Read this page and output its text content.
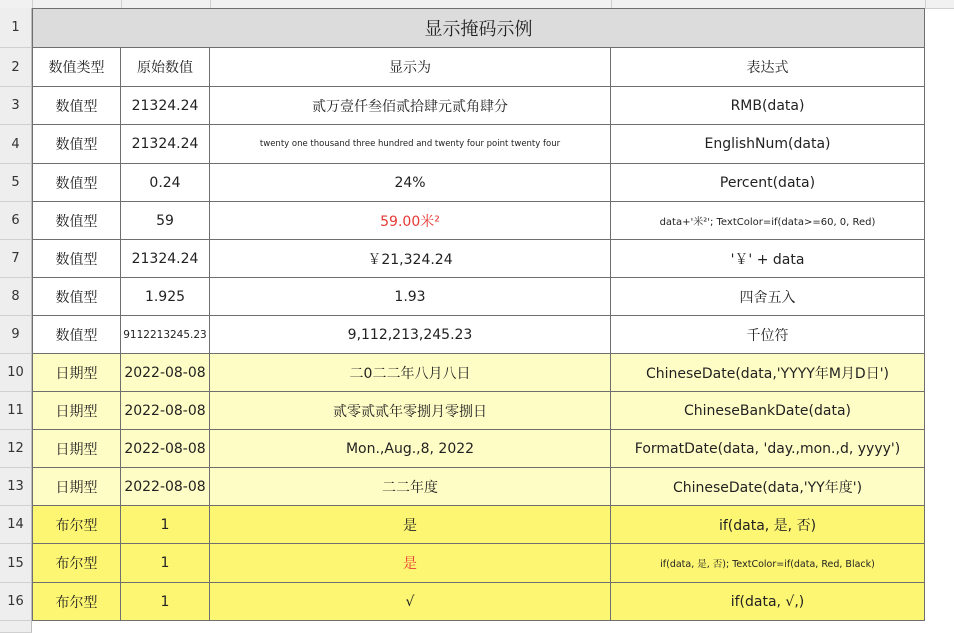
1
2
3
4
5
6
7
8
9
10
11
12
13
14
15
16
显示掩码示例
数值类型	原始数值	显示为	表达式
数值型	21324.24	贰万壹仟叁佰贰拾肆元贰角肆分	RMB(data)
数值型	21324.24	twenty one thousand three hundred and twenty four point twenty four	EnglishNum(data)
数值型	0.24	24%	Percent(data)
数值型	59	59.00米²	data+'米²'; TextColor=if(data>=60, 0, Red)
数值型	21324.24	￥21,324.24	'￥' + data
数值型	1.925	1.93	四舍五入
数值型	9112213245.23	9,112,213,245.23	千位符
日期型	2022-08-08	二0二二年八月八日	ChineseDate(data,'YYYY年M月D日')
日期型	2022-08-08	贰零贰贰年零捌月零捌日	ChineseBankDate(data)
日期型	2022-08-08	Mon.,Aug.,8, 2022	FormatDate(data, 'day.,mon.,d, yyyy')
日期型	2022-08-08	二二年度	ChineseDate(data,'YY年度')
布尔型	1	是	if(data, 是, 否)
布尔型	1	是	if(data, 是, 否); TextColor=if(data, Red, Black)
布尔型	1	√	if(data, √,)
